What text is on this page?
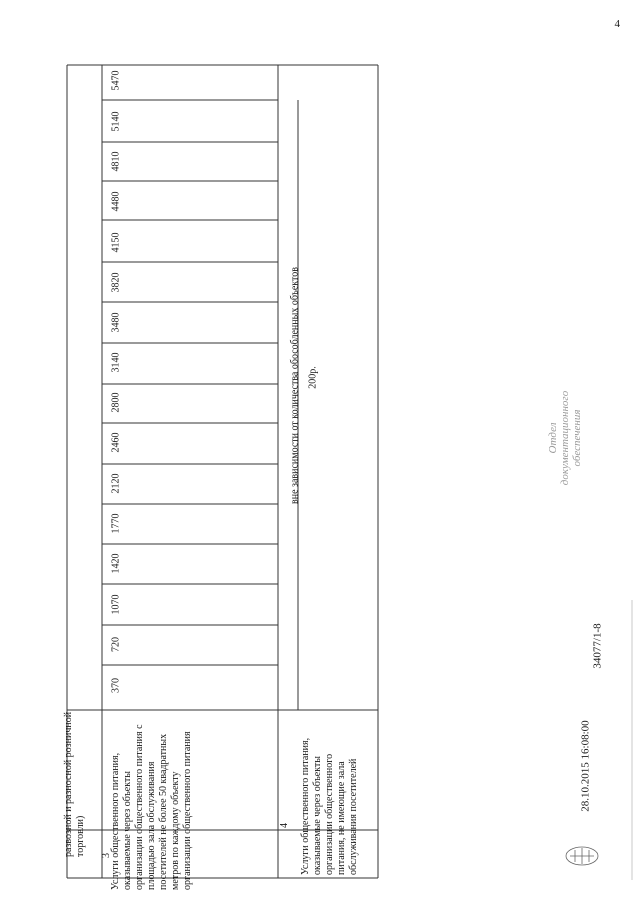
4
развозной и разносной розничной торговли) 3
Услуги общественного питания, оказываемые через объекты организации общественного питания с площадью зала обслуживания посетителей не более 50 квадратных метров по каждому объекту организации общественного питания
370
720
1070
1420
1770
2120
2460
2800
3140
3480
3820
4150
4480
4810
5140
5470
4 Услуги общественного питания, оказываемые через объекты организации общественного питания, не имеющие зала обслуживания посетителей
вне зависимости от количества обособленных объектов 200р.
Отдел документационного обеспечения
28.10.2015 16:08:00
34077/1-8
